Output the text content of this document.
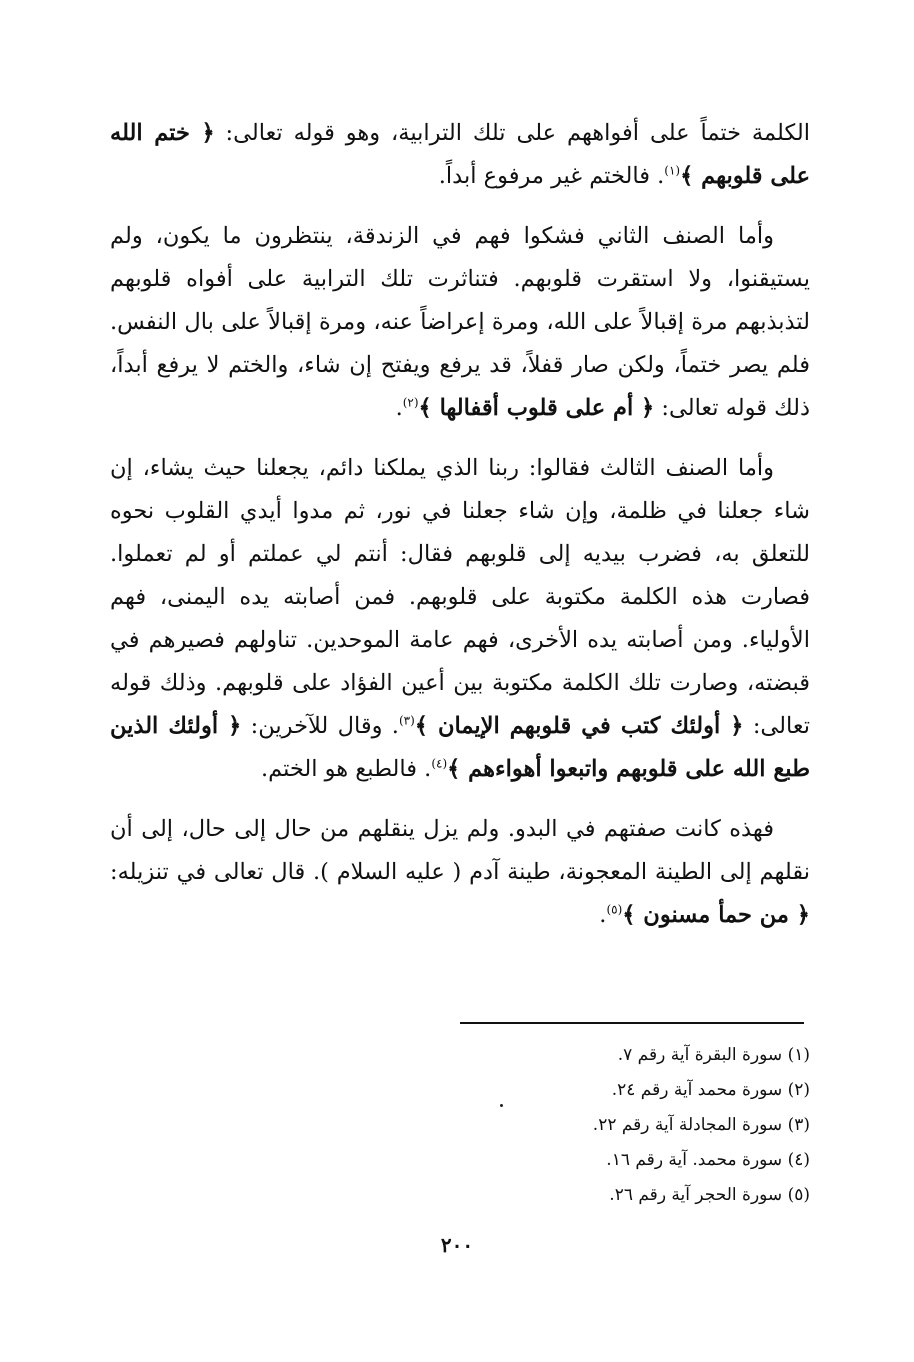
الكلمة ختماً على أفواههم على تلك الترابية، وهو قوله تعالى: ﴿ ختم الله على قلوبهم ﴾$^{(١)}$. فالختم غير مرفوع أبداً.

وأما الصنف الثاني فشكوا فهم في الزندقة، ينتظرون ما يكون، ولم يستيقنوا، ولا استقرت قلوبهم. فتناثرت تلك الترابية على أفواه قلوبهم لتذبذبهم مرة إقبالاً على الله، ومرة إعراضاً عنه، ومرة إقبالاً على بال النفس. فلم يصر ختماً، ولكن صار قفلاً، قد يرفع ويفتح إن شاء، والختم لا يرفع أبداً، ذلك قوله تعالى: ﴿ أم على قلوب أقفالها ﴾$^{(٢)}$.

وأما الصنف الثالث فقالوا: ربنا الذي يملكنا دائم، يجعلنا حيث يشاء، إن شاء جعلنا في ظلمة، وإن شاء جعلنا في نور، ثم مدوا أيدي القلوب نحوه للتعلق به، فضرب بيديه إلى قلوبهم فقال: أنتم لي عملتم أو لم تعملوا. فصارت هذه الكلمة مكتوبة على قلوبهم. فمن أصابته يده اليمنى، فهم الأولياء. ومن أصابته يده الأخرى، فهم عامة الموحدين. تناولهم فصيرهم في قبضته، وصارت تلك الكلمة مكتوبة بين أعين الفؤاد على قلوبهم. وذلك قوله تعالى: ﴿ أولئك كتب في قلوبهم الإيمان ﴾$^{(٣)}$. وقال للآخرين: ﴿ أولئك الذين طبع الله على قلوبهم واتبعوا أهواءهم ﴾$^{(٤)}$. فالطبع هو الختم.

فهذه كانت صفتهم في البدو. ولم يزل ينقلهم من حال إلى حال، إلى أن نقلهم إلى الطينة المعجونة، طينة آدم ( عليه السلام ). قال تعالى في تنزيله: ﴿ من حمأ مسنون ﴾$^{(٥)}$.

(١) سورة البقرة آية رقم ٧.
(٢) سورة محمد آية رقم ٢٤.
(٣) سورة المجادلة آية رقم ٢٢.
(٤) سورة محمد. آية رقم ١٦.
(٥) سورة الحجر آية رقم ٢٦.
٢٠٠
